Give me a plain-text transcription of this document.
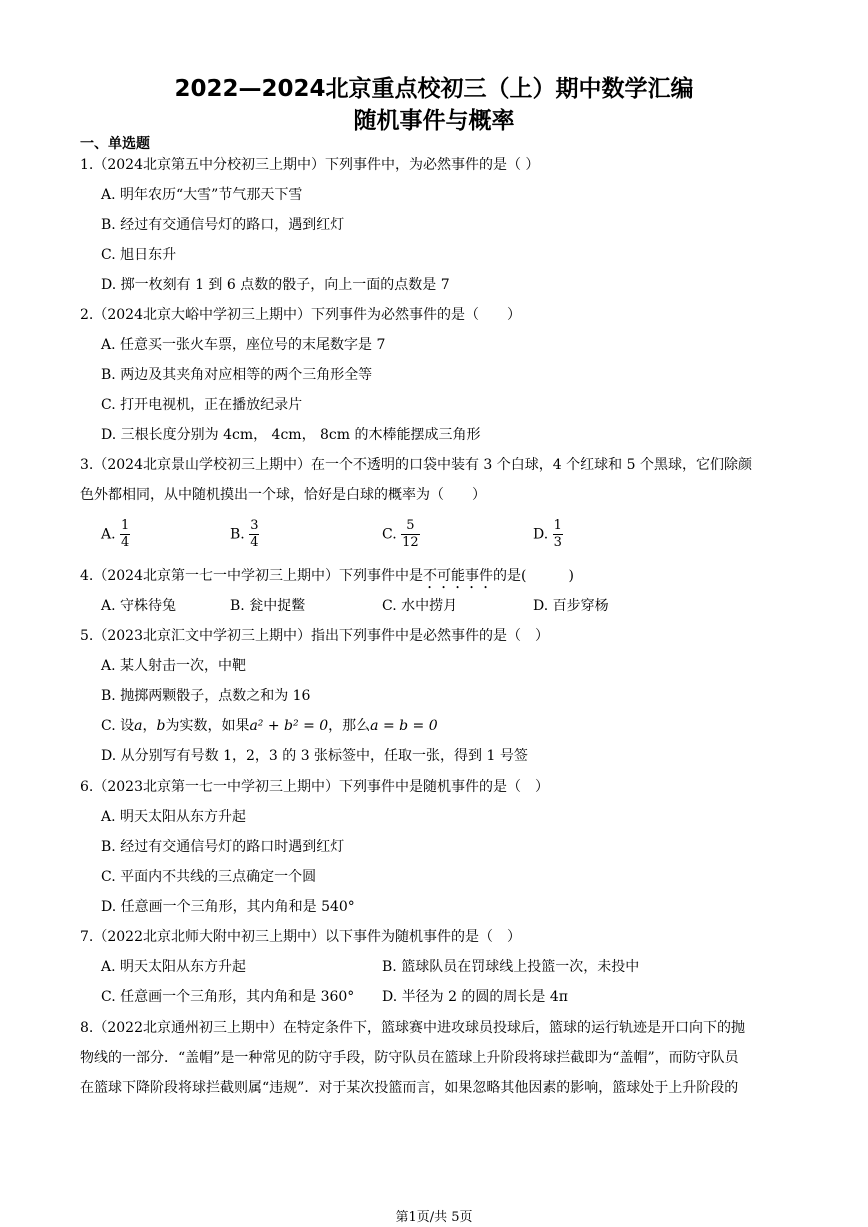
2022—2024北京重点校初三（上）期中数学汇编
随机事件与概率
一、单选题
1.（2024北京第五中分校初三上期中）下列事件中，为必然事件的是（ ）
A. 明年农历“大雪”节气那天下雪
B. 经过有交通信号灯的路口，遇到红灯
C. 旭日东升
D. 掷一枚刻有 1 到 6 点数的骰子，向上一面的点数是 7
2.（2024北京大峪中学初三上期中）下列事件为必然事件的是（　　）
A. 任意买一张火车票，座位号的末尾数字是 7
B. 两边及其夹角对应相等的两个三角形全等
C. 打开电视机，正在播放纪录片
D. 三根长度分别为 4cm， 4cm， 8cm 的木棒能摆成三角形
3.（2024北京景山学校初三上期中）在一个不透明的口袋中装有 3 个白球，4 个红球和 5 个黑球，它们除颜
色外都相同，从中随机摸出一个球，恰好是白球的概率为（　　）
A. $\frac{1}{4}$	B. $\frac{3}{4}$	C. $\frac{5}{12}$	D. $\frac{1}{3}$
4.（2024北京第一七一中学初三上期中）下列事件中是不可能事件的是(　　　)
A. 守株待兔	B. 瓮中捉鳖	C. 水中捞月	D. 百步穿杨
5.（2023北京汇文中学初三上期中）指出下列事件中是必然事件的是（　）
A. 某人射击一次，中靶
B. 抛掷两颗骰子，点数之和为 16
C. 设a，b为实数，如果a² + b² = 0，那么a = b = 0
D. 从分别写有号数 1，2，3 的 3 张标签中，任取一张，得到 1 号签
6.（2023北京第一七一中学初三上期中）下列事件中是随机事件的是（　）
A. 明天太阳从东方升起
B. 经过有交通信号灯的路口时遇到红灯
C. 平面内不共线的三点确定一个圆
D. 任意画一个三角形，其内角和是 540°
7.（2022北京北师大附中初三上期中）以下事件为随机事件的是（　）
A. 明天太阳从东方升起	B. 篮球队员在罚球线上投篮一次，未投中
C. 任意画一个三角形，其内角和是 360° D. 半径为 2 的圆的周长是 4π
8.（2022北京通州初三上期中）在特定条件下，篮球赛中进攻球员投球后，篮球的运行轨迹是开口向下的抛
物线的一部分．“盖帽”是一种常见的防守手段，防守队员在篮球上升阶段将球拦截即为“盖帽”，而防守队员
在篮球下降阶段将球拦截则属“违规”．对于某次投篮而言，如果忽略其他因素的影响，篮球处于上升阶段的
第1页/共 5页
